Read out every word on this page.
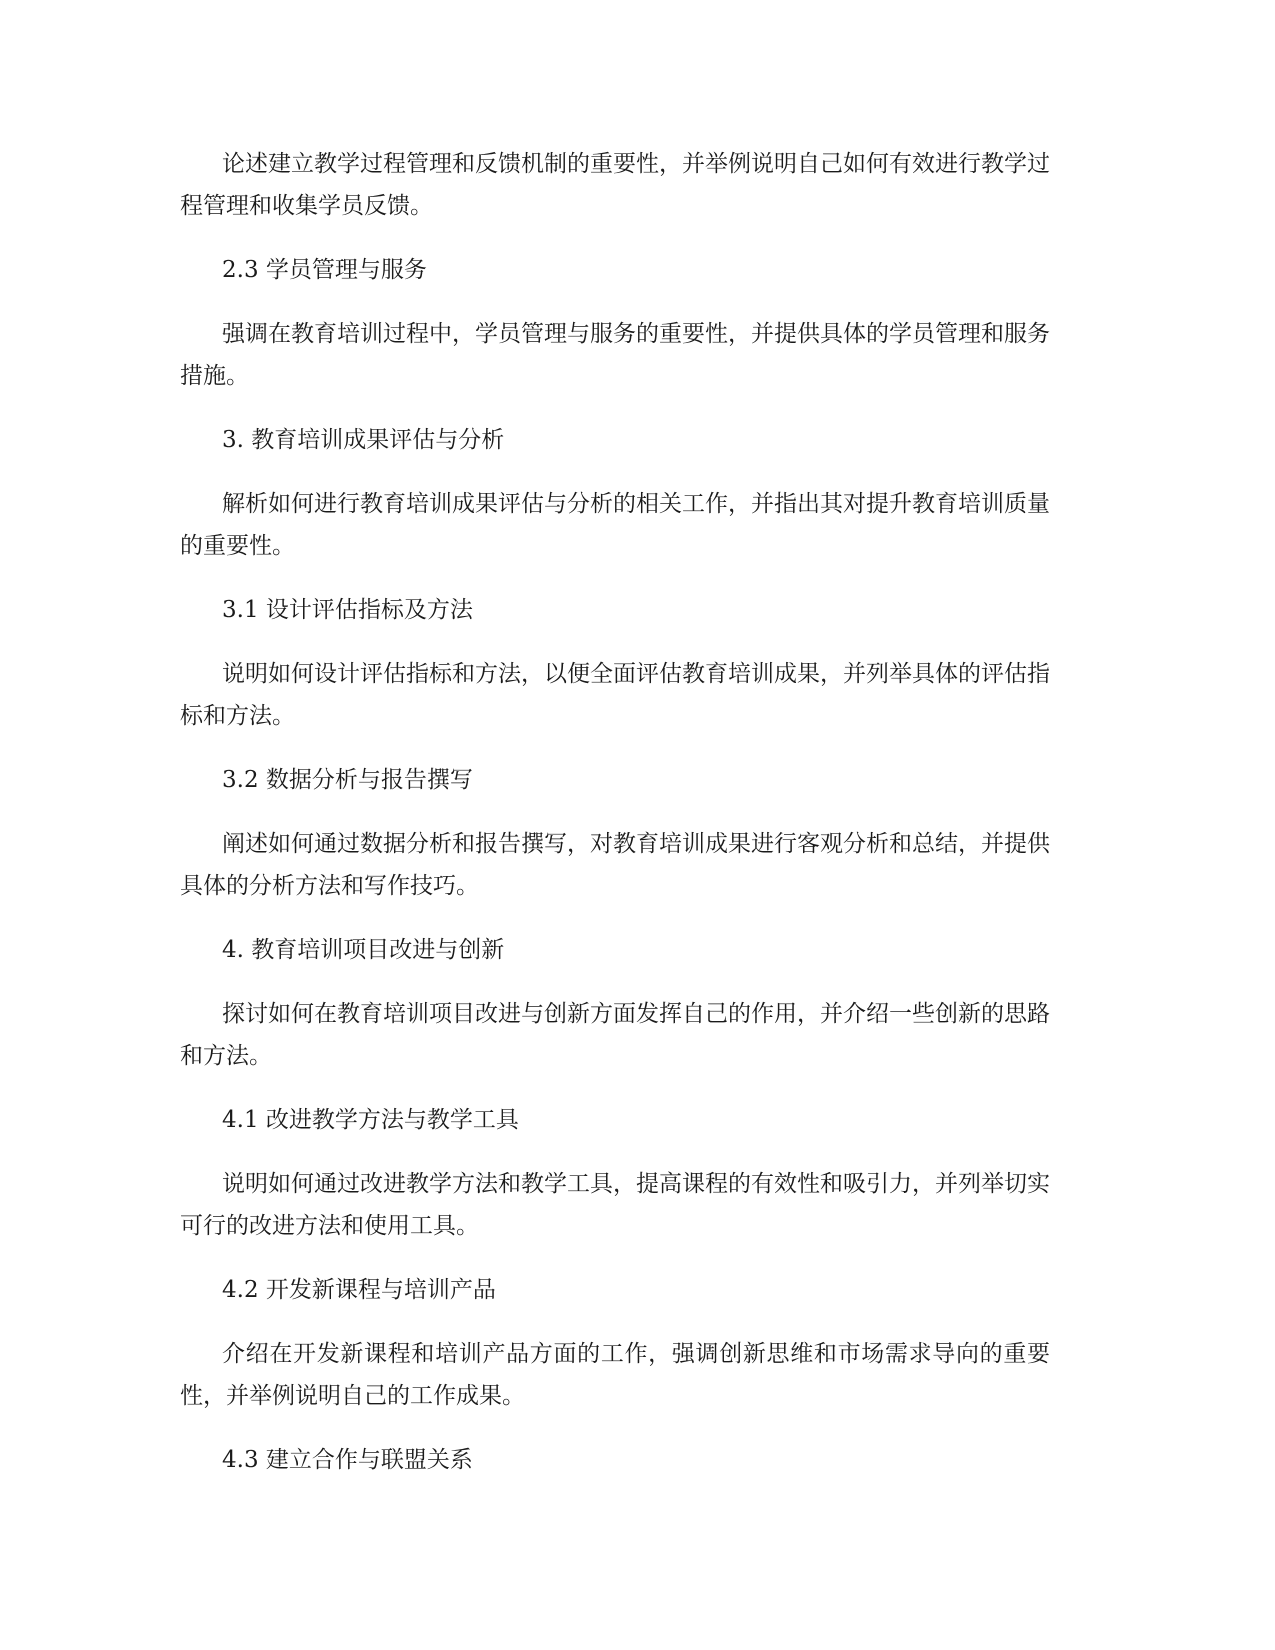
论述建立教学过程管理和反馈机制的重要性，并举例说明自己如何有效进行教学过程管理和收集学员反馈。

2.3 学员管理与服务

强调在教育培训过程中，学员管理与服务的重要性，并提供具体的学员管理和服务措施。

3. 教育培训成果评估与分析

解析如何进行教育培训成果评估与分析的相关工作，并指出其对提升教育培训质量的重要性。

3.1 设计评估指标及方法

说明如何设计评估指标和方法，以便全面评估教育培训成果，并列举具体的评估指标和方法。

3.2 数据分析与报告撰写

阐述如何通过数据分析和报告撰写，对教育培训成果进行客观分析和总结，并提供具体的分析方法和写作技巧。

4. 教育培训项目改进与创新

探讨如何在教育培训项目改进与创新方面发挥自己的作用，并介绍一些创新的思路和方法。

4.1 改进教学方法与教学工具

说明如何通过改进教学方法和教学工具，提高课程的有效性和吸引力，并列举切实可行的改进方法和使用工具。

4.2 开发新课程与培训产品

介绍在开发新课程和培训产品方面的工作，强调创新思维和市场需求导向的重要性，并举例说明自己的工作成果。

4.3 建立合作与联盟关系
